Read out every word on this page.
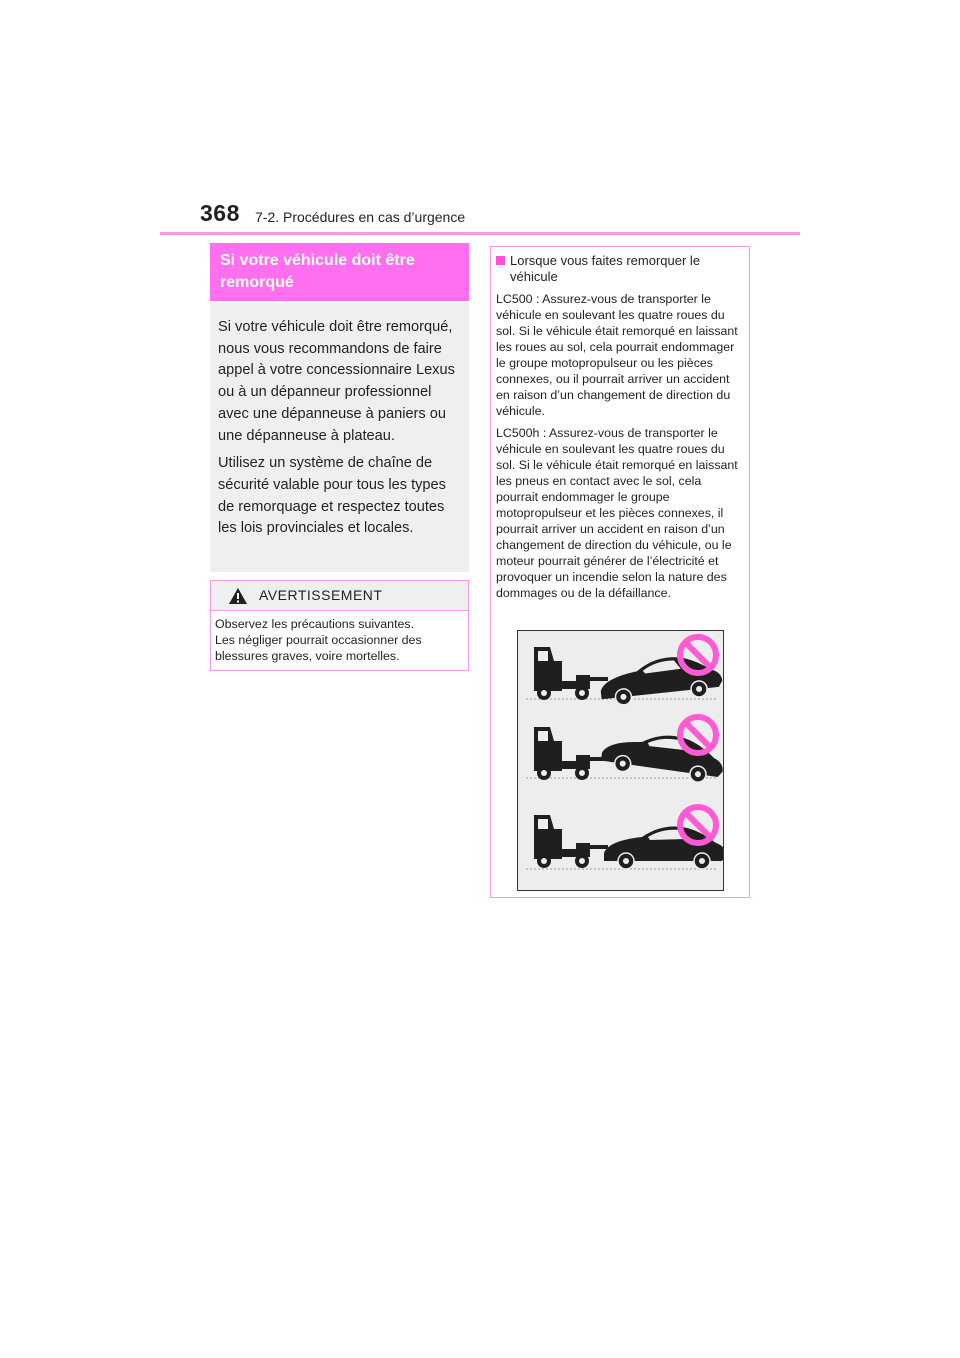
368 7-2. Procédures en cas d’urgence
Si votre véhicule doit être remorqué

Si votre véhicule doit être remorqué, nous vous recommandons de faire appel à votre concessionnaire Lexus ou à un dépanneur professionnel avec une dépanneuse à paniers ou une dépanneuse à plateau.

Utilisez un système de chaîne de sécurité valable pour tous les types de remorquage et respectez toutes les lois provinciales et locales.

AVERTISSEMENT
Observez les précautions suivantes.
Les négliger pourrait occasionner des blessures graves, voire mortelles.
Lorsque vous faites remorquer le véhicule

LC500 : Assurez-vous de transporter le véhicule en soulevant les quatre roues du sol. Si le véhicule était remorqué en laissant les roues au sol, cela pourrait endommager le groupe motopropulseur ou les pièces connexes, ou il pourrait arriver un accident en raison d’un changement de direction du véhicule.

LC500h : Assurez-vous de transporter le véhicule en soulevant les quatre roues du sol. Si le véhicule était remorqué en laissant les pneus en contact avec le sol, cela pourrait endommager le groupe motopropulseur et les pièces connexes, il pourrait arriver un accident en raison d’un changement de direction du véhicule, ou le moteur pourrait générer de l’électricité et provoquer un incendie selon la nature des dommages ou de la défaillance.
